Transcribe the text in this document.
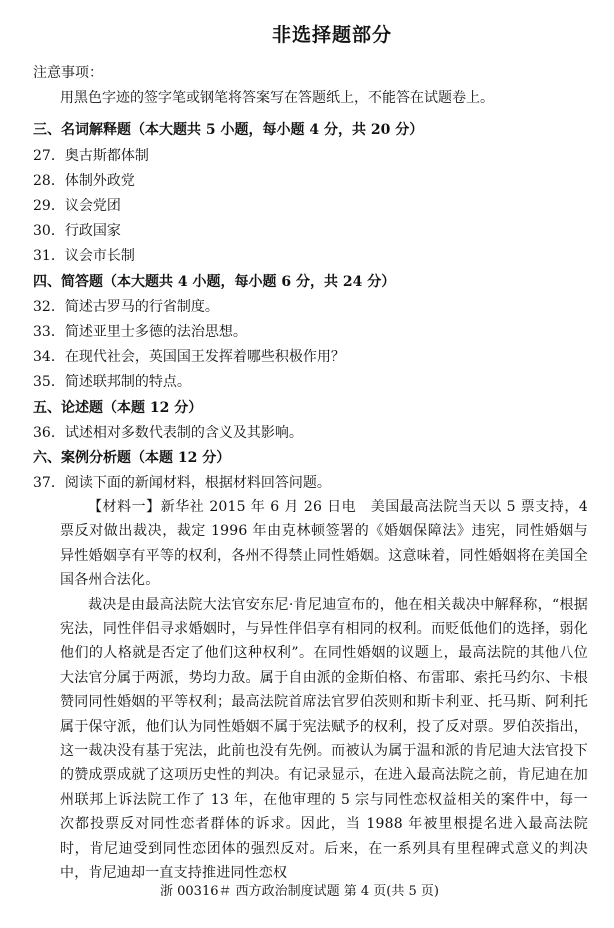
非选择题部分
注意事项：
用黑色字迹的签字笔或钢笔将答案写在答题纸上，不能答在试题卷上。
三、名词解释题（本大题共 5 小题，每小题 4 分，共 20 分）
27．奥古斯都体制
28．体制外政党
29．议会党团
30．行政国家
31．议会市长制
四、简答题（本大题共 4 小题，每小题 6 分，共 24 分）
32．简述古罗马的行省制度。
33．简述亚里士多德的法治思想。
34．在现代社会，英国国王发挥着哪些积极作用？
35．简述联邦制的特点。
五、论述题（本题 12 分）
36．试述相对多数代表制的含义及其影响。
六、案例分析题（本题 12 分）
37．阅读下面的新闻材料，根据材料回答问题。

【材料一】新华社 2015 年 6 月 26 日电　美国最高法院当天以 5 票支持，4 票反对做出裁决，裁定 1996 年由克林顿签署的《婚姻保障法》违宪，同性婚姻与异性婚姻享有平等的权利，各州不得禁止同性婚姻。这意味着，同性婚姻将在美国全国各州合法化。

裁决是由最高法院大法官安东尼·肯尼迪宣布的，他在相关裁决中解释称，“根据宪法，同性伴侣寻求婚姻时，与异性伴侣享有相同的权利。而贬低他们的选择，弱化他们的人格就是否定了他们这种权利”。在同性婚姻的议题上，最高法院的其他八位大法官分属于两派，势均力敌。属于自由派的金斯伯格、布雷耶、索托马约尔、卡根赞同同性婚姻的平等权利；最高法院首席法官罗伯茨则和斯卡利亚、托马斯、阿利托属于保守派，他们认为同性婚姻不属于宪法赋予的权利，投了反对票。罗伯茨指出，这一裁决没有基于宪法，此前也没有先例。而被认为属于温和派的肯尼迪大法官投下的赞成票成就了这项历史性的判决。有记录显示，在进入最高法院之前，肯尼迪在加州联邦上诉法院工作了 13 年，在他审理的 5 宗与同性恋权益相关的案件中，每一次都投票反对同性恋者群体的诉求。因此，当 1988 年被里根提名进入最高法院时，肯尼迪受到同性恋团体的强烈反对。后来，在一系列具有里程碑式意义的判决中，肯尼迪却一直支持推进同性恋权

浙 00316＃ 西方政治制度试题 第 4 页(共 5 页)
